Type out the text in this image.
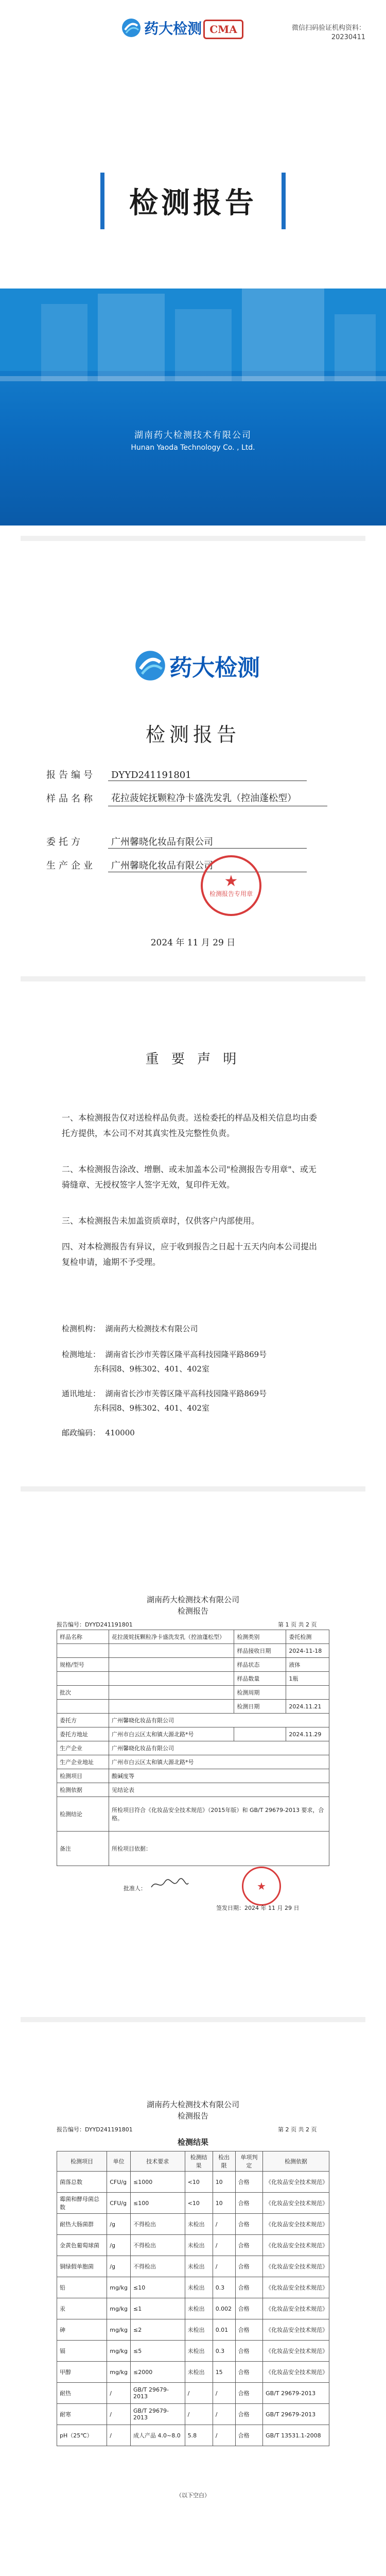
药大检测 CMA	微信扫码验证机构资料：
20230411
检测报告
湖南药大检测技术有限公司
Hunan Yaoda Technology Co. , Ltd.
药大检测
检测报告
报告编号 DYYD241191801
样品名称 花拉菠姹抚颗粒净卡盛洗发乳（控油蓬松型）
委托方	广州馨晓化妆品有限公司
生产企业 广州馨晓化妆品有限公司
★
检测报告专用章
2024 年 11 月 29 日
重 要 声 明
一、本检测报告仅对送检样品负责。送检委托的样品及相关信息均由委托方提供，本公司不对其真实性及完整性负责。
二、本检测报告涂改、增删、或未加盖本公司"检测报告专用章"、或无骑缝章、无授权签字人签字无效，复印件无效。
三、本检测报告未加盖资质章时，仅供客户内部使用。
四、对本检测报告有异议，应于收到报告之日起十五天内向本公司提出复检申请，逾期不予受理。
检测机构：  湖南药大检测技术有限公司
检测地址：  湖南省长沙市芙蓉区隆平高科技园隆平路869号
东科园8、9栋302、401、402室
通讯地址：  湖南省长沙市芙蓉区隆平高科技园隆平路869号
东科园8、9栋302、401、402室
邮政编码：  410000
湖南药大检测技术有限公司
检测报告
报告编号：DYYD241191801	第 1 页 共 2 页
样品名称	花拉菠姹抚颗粒净卡盛洗发乳（控油蓬松型）	检测类别	委托检测
		样品接收日期	2024-11-18
规格/型号		样品状态	液体
		样品数量	1瓶
批次		检测周期	
		检测日期	2024.11.21
委托方	广州馨晓化妆品有限公司		
委托方地址	广州市白云区太和镇大源北路*号		2024.11.29
生产企业	广州馨晓化妆品有限公司		
生产企业地址	广州市白云区太和镇大源北路*号		
检测项目	酸碱度等		
检测依据	见结论表		
检测结论	所检项目符合《化妆品安全技术规范》（2015年版）和 GB/T 29679-2013 要求，合格。		
备注	所检项目依据：		
批准人：	★
签发日期：2024 年 11 月 29 日
湖南药大检测技术有限公司
检测报告
报告编号：DYYD241191801	第 2 页 共 2 页
检测结果
检测项目	单位	技术要求	检测结果	检出限	单项判定	检测依据
菌落总数	CFU/g	≤1000	<10	10	合格	《化妆品安全技术规范》
霉菌和酵母菌总数	CFU/g	≤100	<10	10	合格	《化妆品安全技术规范》
耐热大肠菌群	/g	不得检出	未检出	/	合格	《化妆品安全技术规范》
金黄色葡萄球菌	/g	不得检出	未检出	/	合格	《化妆品安全技术规范》
铜绿假单胞菌	/g	不得检出	未检出	/	合格	《化妆品安全技术规范》
铅	mg/kg	≤10	未检出	0.3	合格	《化妆品安全技术规范》
汞	mg/kg	≤1	未检出	0.002	合格	《化妆品安全技术规范》
砷	mg/kg	≤2	未检出	0.01	合格	《化妆品安全技术规范》
镉	mg/kg	≤5	未检出	0.3	合格	《化妆品安全技术规范》
甲醇	mg/kg	≤2000	未检出	15	合格	《化妆品安全技术规范》
耐热	/	GB/T 29679-2013	/	/	合格	GB/T 29679-2013
耐寒	/	GB/T 29679-2013	/	/	合格	GB/T 29679-2013
pH（25℃）	/	成人产品 4.0~8.0	5.8	/	合格	GB/T 13531.1-2008
（以下空白）
